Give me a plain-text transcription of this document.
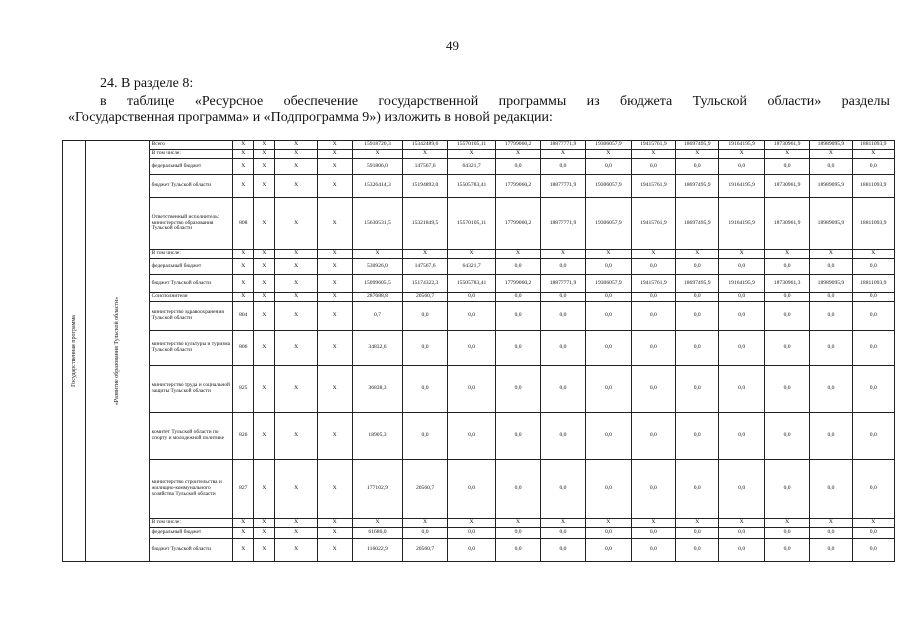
49
24. В разделе 8:
в таблице «Ресурсное обеспечение государственной программы из бюджета Тульской области» разделы
«Государственная программа» и «Подпрограмма 9») изложить в новой редакции:
Государственная программа	«Развитие образования Тульской области»	Всего	X	X	X	X	15918720,3	15342489,6	15570105,11	17799060,2	18877771,9	19306057,9	19415761,9	18697495,9	19164195,9	18730961,9	18989095,9	18811093,9
		В том числе:	X	X	X	X	X	X	X	X	X	X	X	X	X	X	X	X
		федеральный бюджет	X	X	X	X	591806,0	147567,6	64321,7	0,0	0,0	0,0	0,0	0,0	0,0	0,0	0,0	0,0
		бюджет Тульской области	X	X	X	X	15326414,3	15194892,0	15505783,41	17799060,2	18877771,9	19306057,9	19415761,9	18697495,9	19164195,9	18730961,9	18989095,9	18811093,9
		Ответственный исполнитель: министерство образования Тульской области	808	X	X	X	15630531,5	15321849,5	15570105,11	17799060,2	18877771,9	19306057,9	19415761,9	18697495,9	19164195,9	18730961,9	18989095,9	18811093,9
		В том числе:	X	X	X	X	X	X	X	X	X	X	X	X	X	X	X	X
		федеральный бюджет	X	X	X	X	530926,0	147567,6	64321,7	0,0	0,0	0,0	0,0	0,0	0,0	0,0	0,0	0,0
		бюджет Тульской области	X	X	X	X	15099605,5	15174322,3	15505783,41	17799060,2	18877771,9	19306057,9	19415761,9	18697495,9	19164195,9	18730961,3	18989095,9	18811093,9
		Соисполнители	X	X	X	X	287688,8	20560,7	0,0	0,0	0,0	0,0	0,0	0,0	0,0	0,0	0,0	0,0
		министерство здравоохранения Тульской области	804	X	X	X	0,7	0,0	0,0	0,0	0,0	0,0	0,0	0,0	0,0	0,0	0,0	0,0
		министерство культуры и туризма Тульской области	806	X	X	X	34832,6	0,0	0,0	0,0	0,0	0,0	0,0	0,0	0,0	0,0	0,0	0,0
		министерство труда и социальной защиты Тульской области	825	X	X	X	36838,3	0,0	0,0	0,0	0,0	0,0	0,0	0,0	0,0	0,0	0,0	0,0
		комитет Тульской области по спорту и молодежной политике	826	X	X	X	18905,3	0,0	0,0	0,0	0,0	0,0	0,0	0,0	0,0	0,0	0,0	0,0
		министерство строительства и жилищно-коммунального хозяйства Тульской области	827	X	X	X	177102,9	20560,7	0,0	0,0	0,0	0,0	0,0	0,0	0,0	0,0	0,0	0,0
		В том числе:	X	X	X	X	X	X	X	X	X	X	X	X	X	X	X	X
		федеральный бюджет	X	X	X	X	61680,0	0,0	0,0	0,0	0,0	0,0	0,0	0,0	0,0	0,0	0,0	0,0
		бюджет Тульской области	X	X	X	X	116022,9	20560,7	0,0	0,0	0,0	0,0	0,0	0,0	0,0	0,0	0,0	0,0
